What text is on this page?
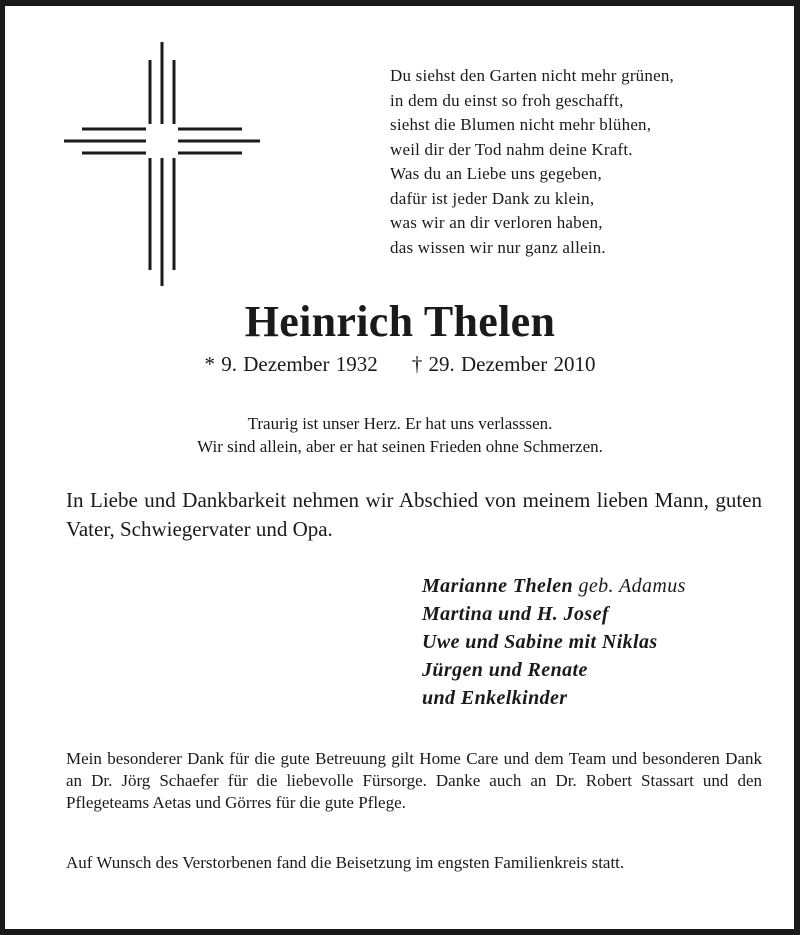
Du siehst den Garten nicht mehr grünen,
in dem du einst so froh geschafft,
siehst die Blumen nicht mehr blühen,
weil dir der Tod nahm deine Kraft.
Was du an Liebe uns gegeben,
dafür ist jeder Dank zu klein,
was wir an dir verloren haben,
das wissen wir nur ganz allein.
Heinrich Thelen
* 9. Dezember 1932 † 29. Dezember 2010
Traurig ist unser Herz. Er hat uns verlasssen.
Wir sind allein, aber er hat seinen Frieden ohne Schmerzen.
In Liebe und Dankbarkeit nehmen wir Abschied von meinem lieben Mann, guten Vater, Schwiegervater und Opa.
Marianne Thelen geb. Adamus
Martina und H. Josef
Uwe und Sabine mit Niklas
Jürgen und Renate
und Enkelkinder
Mein besonderer Dank für die gute Betreuung gilt Home Care und dem Team und besonderen Dank an Dr. Jörg Schaefer für die liebevolle Fürsorge. Danke auch an Dr. Robert Stassart und den Pflegeteams Aetas und Görres für die gute Pflege.
Auf Wunsch des Verstorbenen fand die Beisetzung im engsten Familienkreis statt.
